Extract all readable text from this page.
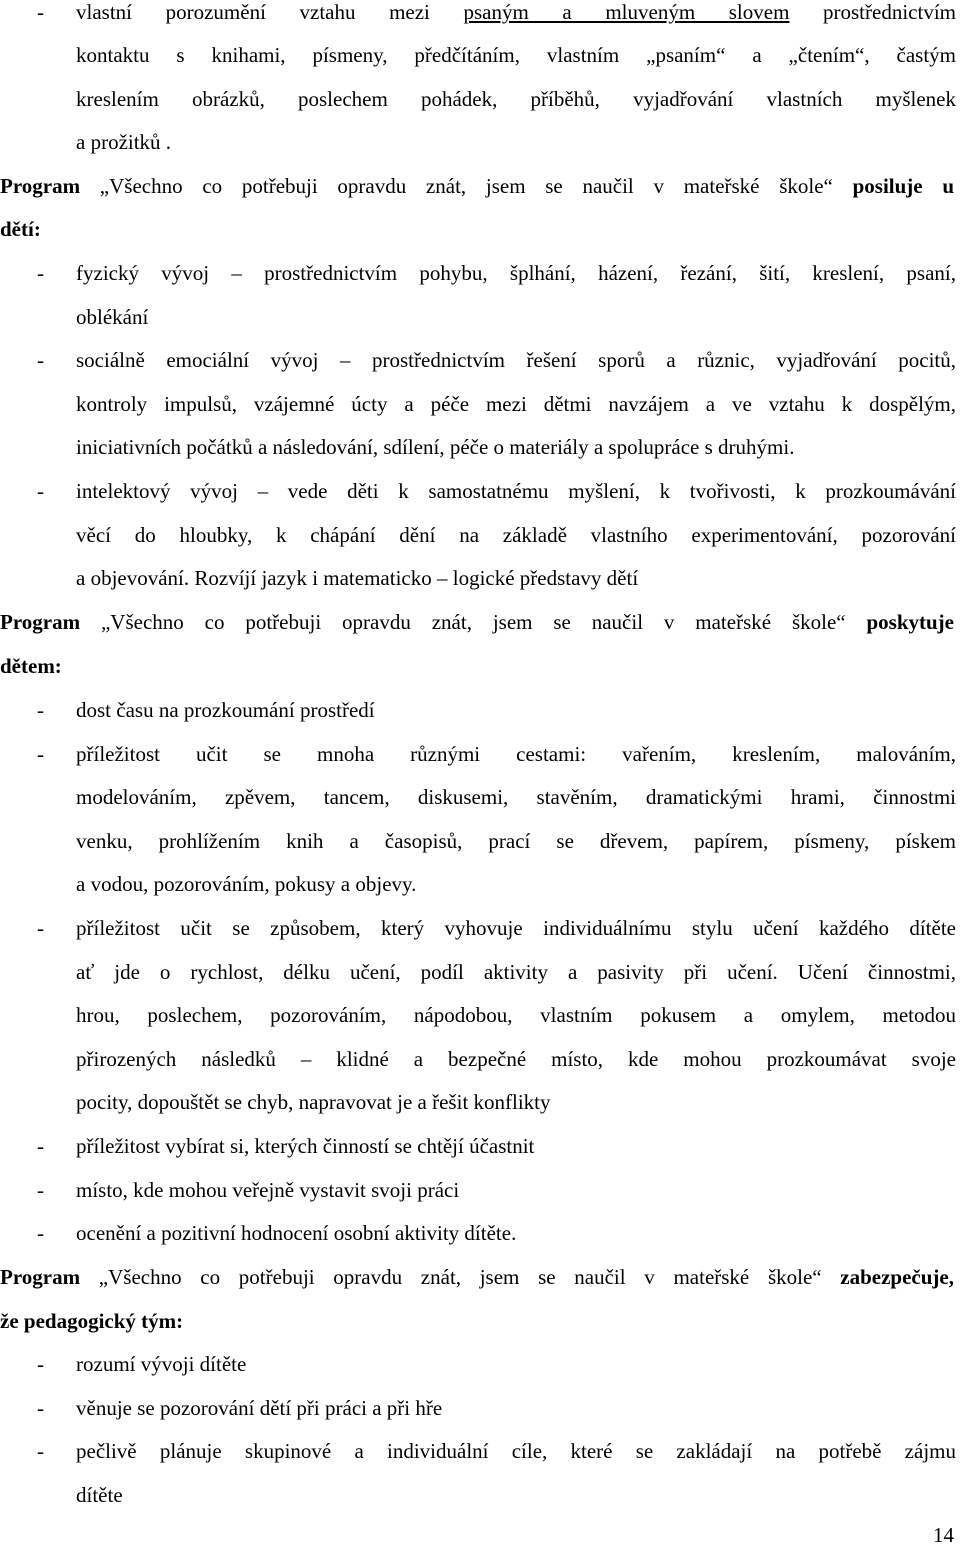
- vlastní porozumění vztahu mezi psaným a mluveným slovem prostřednictvím
kontaktu s knihami, písmeny, předčítáním, vlastním „psaním“ a „čtením“, častým
kreslením obrázků, poslechem pohádek, příběhů, vyjadřování vlastních myšlenek
a prožitků .
Program „Všechno co potřebuji opravdu znát, jsem se naučil v mateřské škole“ posiluje u
dětí:
- fyzický vývoj – prostřednictvím pohybu, šplhání, házení, řezání, šití, kreslení, psaní,
oblékání
- sociálně emociální vývoj – prostřednictvím řešení sporů a různic, vyjadřování pocitů,
kontroly impulsů, vzájemné úcty a péče mezi dětmi navzájem a ve vztahu k dospělým,
iniciativních počátků a následování, sdílení, péče o materiály a spolupráce s druhými.
- intelektový vývoj – vede děti k samostatnému myšlení, k tvořivosti, k prozkoumávání
věcí do hloubky, k chápání dění na základě vlastního experimentování, pozorování
a objevování. Rozvíjí jazyk i matematicko – logické představy dětí
Program „Všechno co potřebuji opravdu znát, jsem se naučil v mateřské škole“ poskytuje
dětem:
- dost času na prozkoumání prostředí
- příležitost učit se mnoha různými cestami: vařením, kreslením, malováním,
modelováním, zpěvem, tancem, diskusemi, stavěním, dramatickými hrami, činnostmi
venku, prohlížením knih a časopisů, prací se dřevem, papírem, písmeny, pískem
a vodou, pozorováním, pokusy a objevy.
- příležitost učit se způsobem, který vyhovuje individuálnímu stylu učení každého dítěte
ať jde o rychlost, délku učení, podíl aktivity a pasivity při učení. Učení činnostmi,
hrou, poslechem, pozorováním, nápodobou, vlastním pokusem a omylem, metodou
přirozených následků – klidné a bezpečné místo, kde mohou prozkoumávat svoje
pocity, dopouštět se chyb, napravovat je a řešit konflikty
- příležitost vybírat si, kterých činností se chtějí účastnit
- místo, kde mohou veřejně vystavit svoji práci
- ocenění a pozitivní hodnocení osobní aktivity dítěte.
Program „Všechno co potřebuji opravdu znát, jsem se naučil v mateřské škole“ zabezpečuje,
že pedagogický tým:
- rozumí vývoji dítěte
- věnuje se pozorování dětí při práci a při hře
- pečlivě plánuje skupinové a individuální cíle, které se zakládají na potřebě zájmu
dítěte
14
